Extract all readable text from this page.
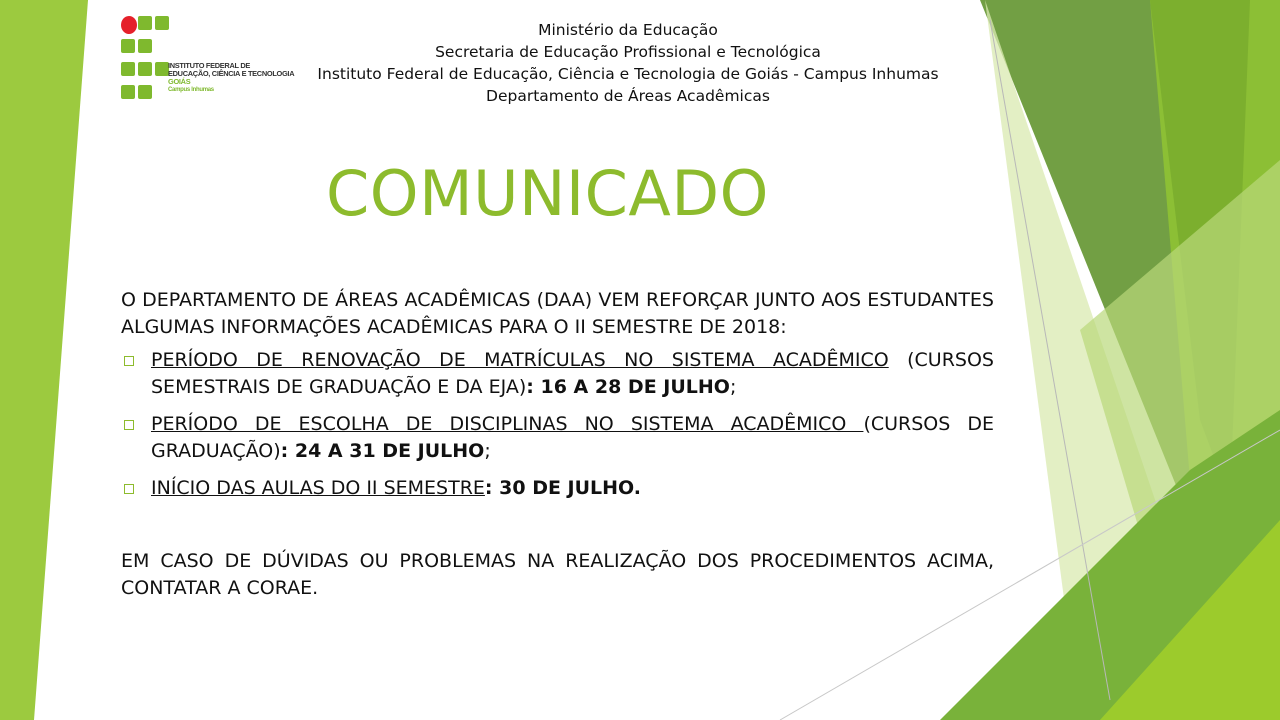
INSTITUTO FEDERAL DE
EDUCAÇÃO, CIÊNCIA E TECNOLOGIA
GOIÁS
Campus Inhumas
Ministério da Educação
Secretaria de Educação Profissional e Tecnológica
Instituto Federal de Educação, Ciência e Tecnologia de Goiás - Campus Inhumas
Departamento de Áreas Acadêmicas
COMUNICADO

O DEPARTAMENTO DE ÁREAS ACADÊMICAS (DAA) VEM REFORÇAR JUNTO AOS ESTUDANTES ALGUMAS INFORMAÇÕES ACADÊMICAS PARA O II SEMESTRE DE 2018:

PERÍODO DE RENOVAÇÃO DE MATRÍCULAS NO SISTEMA ACADÊMICO (CURSOS SEMESTRAIS DE GRADUAÇÃO E DA EJA): 16 A 28 DE JULHO;
PERÍODO DE ESCOLHA DE DISCIPLINAS NO SISTEMA ACADÊMICO (CURSOS DE GRADUAÇÃO): 24 A 31 DE JULHO;
INÍCIO DAS AULAS DO II SEMESTRE: 30 DE JULHO.

EM CASO DE DÚVIDAS OU PROBLEMAS NA REALIZAÇÃO DOS PROCEDIMENTOS ACIMA, CONTATAR A CORAE.
